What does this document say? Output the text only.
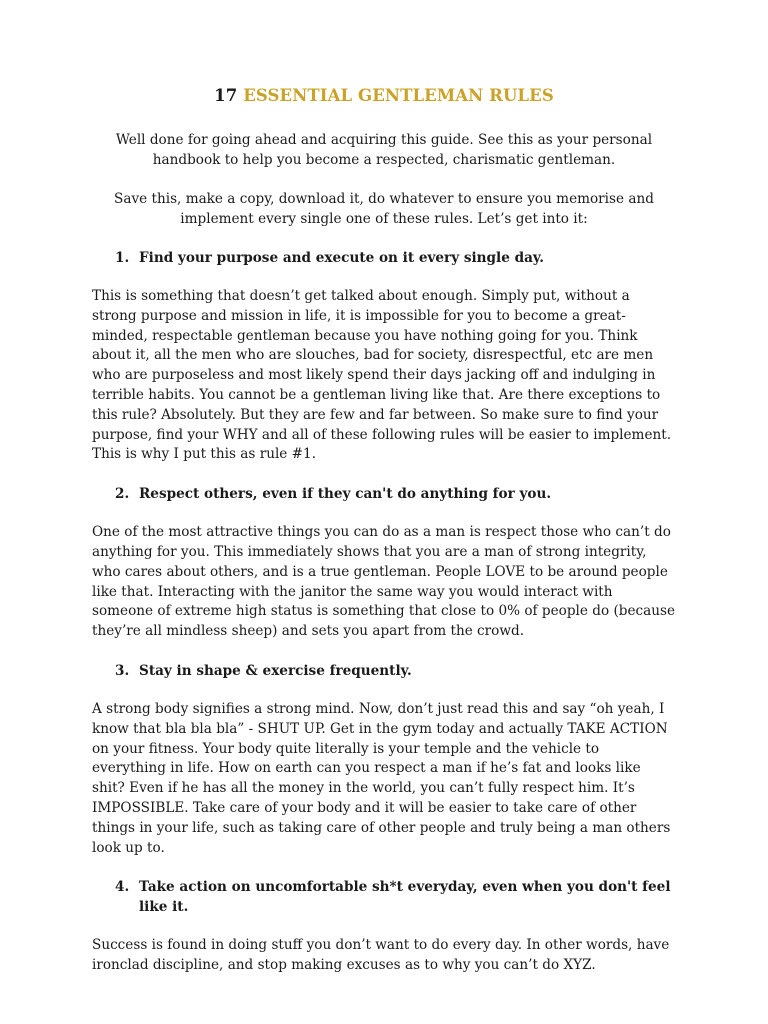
17 ESSENTIAL GENTLEMAN RULES

Well done for going ahead and acquiring this guide. See this as your personal handbook to help you become a respected, charismatic gentleman.

Save this, make a copy, download it, do whatever to ensure you memorise and implement every single one of these rules. Let’s get into it:

1. Find your purpose and execute on it every single day.

This is something that doesn’t get talked about enough. Simply put, without a strong purpose and mission in life, it is impossible for you to become a great-minded, respectable gentleman because you have nothing going for you. Think about it, all the men who are slouches, bad for society, disrespectful, etc are men who are purposeless and most likely spend their days jacking off and indulging in terrible habits. You cannot be a gentleman living like that. Are there exceptions to this rule? Absolutely. But they are few and far between. So make sure to find your purpose, find your WHY and all of these following rules will be easier to implement. This is why I put this as rule #1.

2. Respect others, even if they can't do anything for you.

One of the most attractive things you can do as a man is respect those who can’t do anything for you. This immediately shows that you are a man of strong integrity, who cares about others, and is a true gentleman. People LOVE to be around people like that. Interacting with the janitor the same way you would interact with someone of extreme high status is something that close to 0% of people do (because they’re all mindless sheep) and sets you apart from the crowd.

3. Stay in shape & exercise frequently.

A strong body signifies a strong mind. Now, don’t just read this and say “oh yeah, I know that bla bla bla” - SHUT UP. Get in the gym today and actually TAKE ACTION on your fitness. Your body quite literally is your temple and the vehicle to everything in life. How on earth can you respect a man if he’s fat and looks like shit? Even if he has all the money in the world, you can’t fully respect him. It’s IMPOSSIBLE. Take care of your body and it will be easier to take care of other things in your life, such as taking care of other people and truly being a man others look up to.

4. Take action on uncomfortable sh*t everyday, even when you don't feel like it.

Success is found in doing stuff you don’t want to do every day. In other words, have ironclad discipline, and stop making excuses as to why you can’t do XYZ.
